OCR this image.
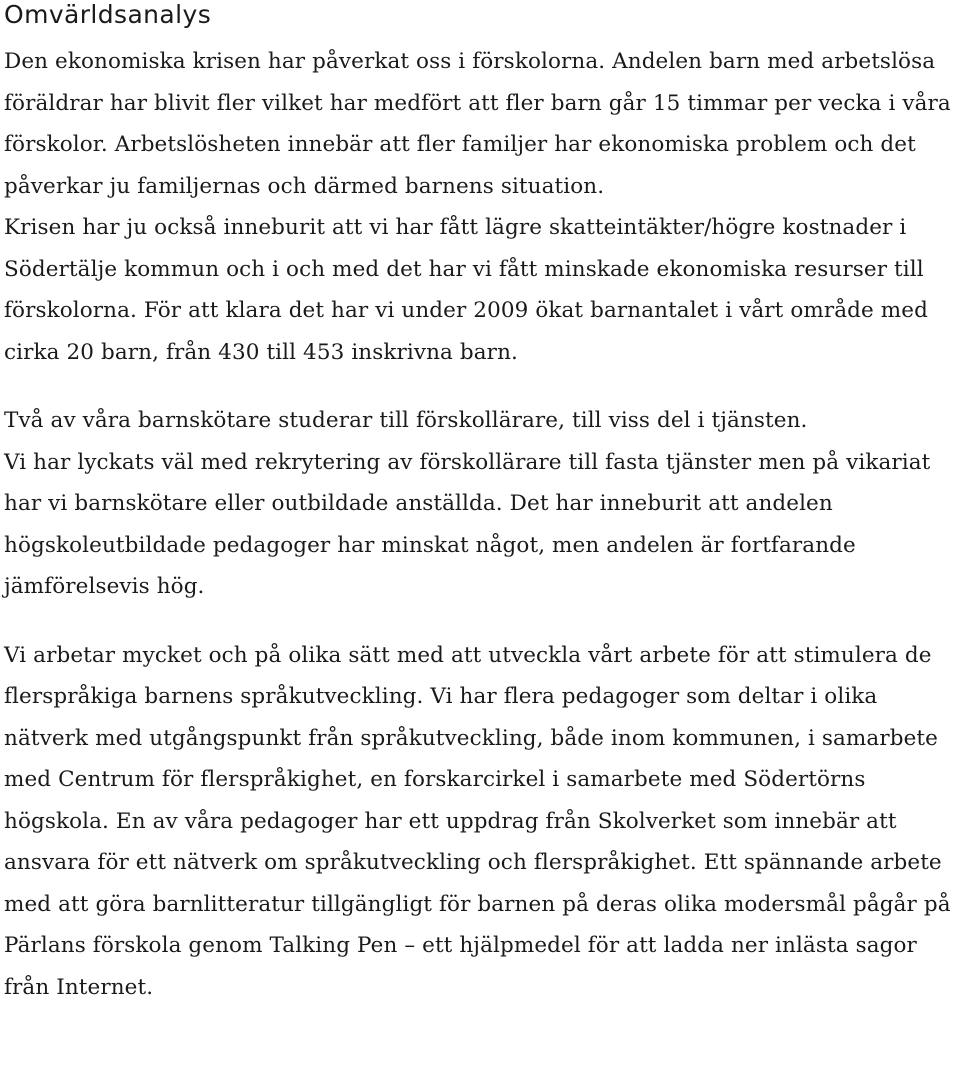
Omvärldsanalys

Den ekonomiska krisen har påverkat oss i förskolorna. Andelen barn med arbetslösa föräldrar har blivit fler vilket har medfört att fler barn går 15 timmar per vecka i våra förskolor. Arbetslösheten innebär att fler familjer har ekonomiska problem och det påverkar ju familjernas och därmed barnens situation.

Krisen har ju också inneburit att vi har fått lägre skatteintäkter/högre kostnader i Södertälje kommun och i och med det har vi fått minskade ekonomiska resurser till förskolorna. För att klara det har vi under 2009 ökat barnantalet i vårt område med cirka 20 barn, från 430 till 453 inskrivna barn.

Två av våra barnskötare studerar till förskollärare, till viss del i tjänsten.

Vi har lyckats väl med rekrytering av förskollärare till fasta tjänster men på vikariat har vi barnskötare eller outbildade anställda. Det har inneburit att andelen högskoleutbildade pedagoger har minskat något, men andelen är fortfarande jämförelsevis hög.

Vi arbetar mycket och på olika sätt med att utveckla vårt arbete för att stimulera de flerspråkiga barnens språkutveckling. Vi har flera pedagoger som deltar i olika nätverk med utgångspunkt från språkutveckling, både inom kommunen, i samarbete med Centrum för flerspråkighet, en forskarcirkel i samarbete med Södertörns högskola. En av våra pedagoger har ett uppdrag från Skolverket som innebär att ansvara för ett nätverk om språkutveckling och flerspråkighet. Ett spännande arbete med att göra barnlitteratur tillgängligt för barnen på deras olika modersmål pågår på Pärlans förskola genom Talking Pen – ett hjälpmedel för att ladda ner inlästa sagor från Internet.
